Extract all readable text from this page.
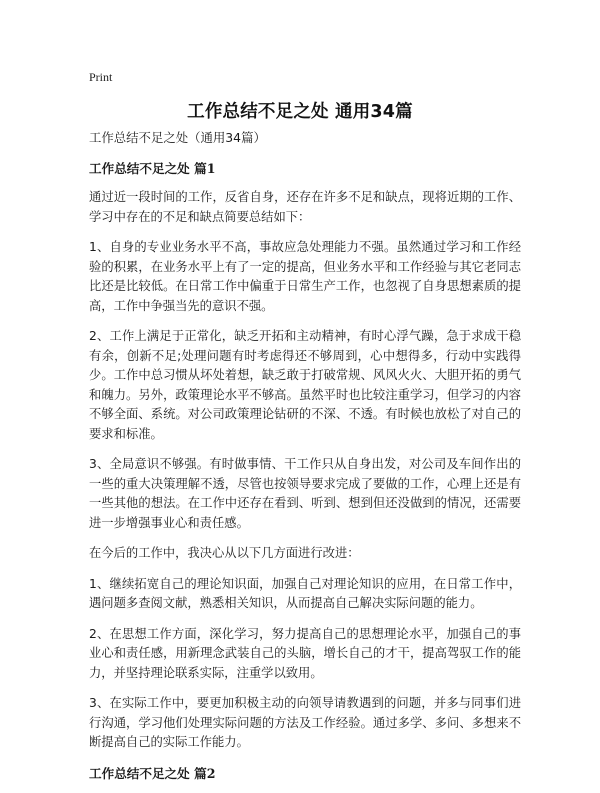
Print
工作总结不足之处 通用34篇
工作总结不足之处（通用34篇）
工作总结不足之处 篇1
通过近一段时间的工作，反省自身，还存在许多不足和缺点，现将近期的工作、学习中存在的不足和缺点简要总结如下：
1、自身的专业业务水平不高，事故应急处理能力不强。虽然通过学习和工作经验的积累，在业务水平上有了一定的提高，但业务水平和工作经验与其它老同志比还是比较低。在日常工作中偏重于日常生产工作，也忽视了自身思想素质的提高，工作中争强当先的意识不强。
2、工作上满足于正常化，缺乏开拓和主动精神，有时心浮气躁，急于求成干稳有余，创新不足;处理问题有时考虑得还不够周到，心中想得多，行动中实践得少。工作中总习惯从坏处着想，缺乏敢于打破常规、风风火火、大胆开拓的勇气和魄力。另外，政策理论水平不够高。虽然平时也比较注重学习，但学习的内容不够全面、系统。对公司政策理论钻研的不深、不透。有时候也放松了对自己的要求和标准。
3、全局意识不够强。有时做事情、干工作只从自身出发，对公司及车间作出的一些的重大决策理解不透，尽管也按领导要求完成了要做的工作，心理上还是有一些其他的想法。在工作中还存在看到、听到、想到但还没做到的情况，还需要进一步增强事业心和责任感。
在今后的工作中，我决心从以下几方面进行改进：
1、继续拓宽自己的理论知识面，加强自己对理论知识的应用，在日常工作中，遇问题多查阅文献，熟悉相关知识，从而提高自己解决实际问题的能力。
2、在思想工作方面，深化学习，努力提高自己的思想理论水平，加强自己的事业心和责任感，用新理念武装自己的头脑，增长自己的才干，提高驾驭工作的能力，并坚持理论联系实际，注重学以致用。
3、在实际工作中，要更加积极主动的向领导请教遇到的问题，并多与同事们进行沟通，学习他们处理实际问题的方法及工作经验。通过多学、多问、多想来不断提高自己的实际工作能力。
工作总结不足之处 篇2
